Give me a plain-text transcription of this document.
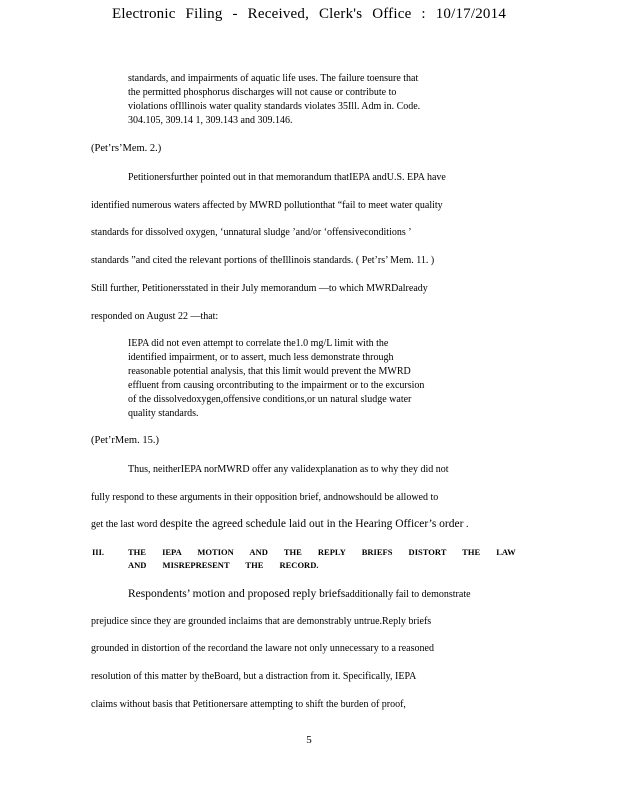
Electronic Filing - Received, Clerk's Office : 10/17/2014
standards, and impairments of aquatic life uses. The failure toensure that
the permitted phosphorus discharges will not cause or contribute to
violations ofIllinois water quality standards violates 35Ill. Adm in. Code.
304.105, 309.14 1, 309.143 and 309.146.
(Pet’rs’Mem. 2.)
Petitionersfurther pointed out in that memorandum thatIEPA andU.S. EPA have
identified numerous waters affected by MWRD pollutionthat “fail to meet water quality
standards for dissolved oxygen, ‘unnatural sludge ’and/or ‘offensiveconditions ’
standards ”and cited the relevant portions of theIllinois standards. ( Pet’rs’ Mem. 11. )
Still further, Petitionersstated in their July memorandum —to which MWRDalready
responded on August 22 —that:
IEPA did not even attempt to correlate the1.0 mg/L limit with the
identified impairment, or to assert, much less demonstrate through
reasonable potential analysis, that this limit would prevent the MWRD
effluent from causing orcontributing to the impairment or to the excursion
of the dissolvedoxygen,offensive conditions,or un natural sludge water
quality standards.
(Pet’rMem. 15.)
Thus, neitherIEPA norMWRD offer any validexplanation as to why they did not
fully respond to these arguments in their opposition brief, andnowshould be allowed to
get the last word despite the agreed schedule laid out in the Hearing Officer’s order .
III.	THE IEPA MOTION AND THE REPLY BRIEFS DISTORT THE LAW
AND MISREPRESENT THE RECORD.
Respondents’ motion and proposed reply briefsadditionally fail to demonstrate
prejudice since they are grounded inclaims that are demonstrably untrue.Reply briefs
grounded in distortion of the recordand the laware not only unnecessary to a reasoned
resolution of this matter by theBoard, but a distraction from it. Specifically, IEPA
claims without basis that Petitionersare attempting to shift the burden of proof,
5
